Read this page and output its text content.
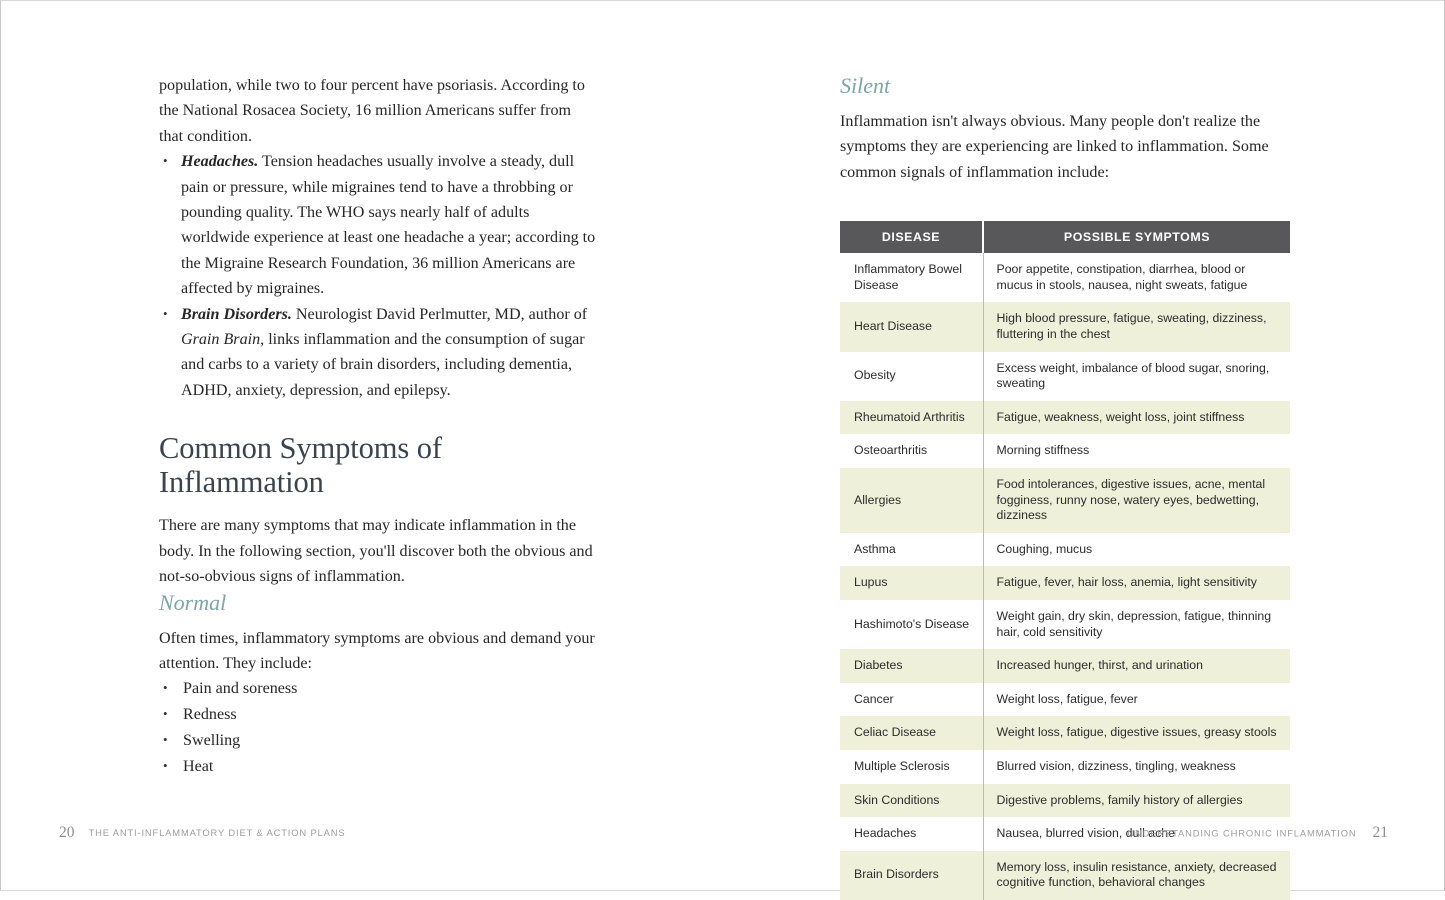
population, while two to four percent have psoriasis. According to the National Rosacea Society, 16 million Americans suffer from that condition.

• Headaches. Tension headaches usually involve a steady, dull pain or pressure, while migraines tend to have a throbbing or pounding quality. The WHO says nearly half of adults worldwide experience at least one headache a year; according to the Migraine Research Foundation, 36 million Americans are affected by migraines.
• Brain Disorders. Neurologist David Perlmutter, MD, author of Grain Brain, links inflammation and the consumption of sugar and carbs to a variety of brain disorders, including dementia, ADHD, anxiety, depression, and epilepsy.
Common Symptoms of Inflammation

There are many symptoms that may indicate inflammation in the body. In the following section, you'll discover both the obvious and not-so-obvious signs of inflammation.

Normal

Often times, inflammatory symptoms are obvious and demand your attention. They include:

• Pain and soreness
• Redness
• Swelling
• Heat
20 THE ANTI-INFLAMMATORY DIET & ACTION PLANS
Silent

Inflammation isn't always obvious. Many people don't realize the symptoms they are experiencing are linked to inflammation. Some common signals of inflammation include:

DISEASE	POSSIBLE SYMPTOMS
Inflammatory Bowel Disease	Poor appetite, constipation, diarrhea, blood or mucus in stools, nausea, night sweats, fatigue
Heart Disease	High blood pressure, fatigue, sweating, dizziness, fluttering in the chest
Obesity	Excess weight, imbalance of blood sugar, snoring, sweating
Rheumatoid Arthritis	Fatigue, weakness, weight loss, joint stiffness
Osteoarthritis	Morning stiffness
Allergies	Food intolerances, digestive issues, acne, mental fogginess, runny nose, watery eyes, bedwetting, dizziness
Asthma	Coughing, mucus
Lupus	Fatigue, fever, hair loss, anemia, light sensitivity
Hashimoto's Disease	Weight gain, dry skin, depression, fatigue, thinning hair, cold sensitivity
Diabetes	Increased hunger, thirst, and urination
Cancer	Weight loss, fatigue, fever
Celiac Disease	Weight loss, fatigue, digestive issues, greasy stools
Multiple Sclerosis	Blurred vision, dizziness, tingling, weakness
Skin Conditions	Digestive problems, family history of allergies
Headaches	Nausea, blurred vision, dull ache
Brain Disorders	Memory loss, insulin resistance, anxiety, decreased cognitive function, behavioral changes
UNDERSTANDING CHRONIC INFLAMMATION 21
